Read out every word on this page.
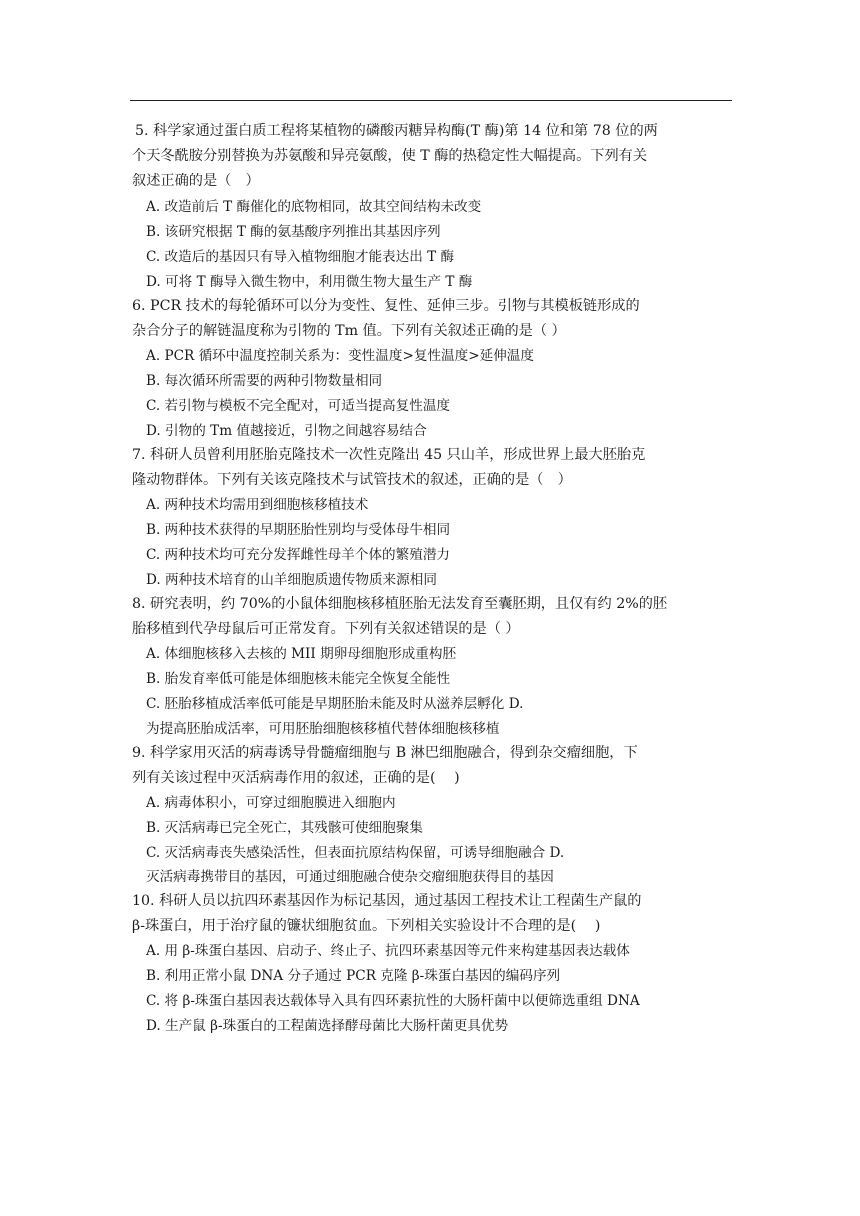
5. 科学家通过蛋白质工程将某植物的磷酸丙糖异构酶(T 酶)第 14 位和第 78 位的两
个天冬酰胺分别替换为苏氨酸和异亮氨酸，使 T 酶的热稳定性大幅提高。下列有关
叙述正确的是（　）
A. 改造前后 T 酶催化的底物相同，故其空间结构未改变
B. 该研究根据 T 酶的氨基酸序列推出其基因序列
C. 改造后的基因只有导入植物细胞才能表达出 T 酶
D. 可将 T 酶导入微生物中，利用微生物大量生产 T 酶
6. PCR 技术的每轮循环可以分为变性、复性、延伸三步。引物与其模板链形成的
杂合分子的解链温度称为引物的 Tm 值。下列有关叙述正确的是（ ）
A. PCR 循环中温度控制关系为：变性温度>复性温度>延伸温度
B. 每次循环所需要的两种引物数量相同
C. 若引物与模板不完全配对，可适当提高复性温度
D. 引物的 Tm 值越接近，引物之间越容易结合
7. 科研人员曾利用胚胎克隆技术一次性克隆出 45 只山羊，形成世界上最大胚胎克
隆动物群体。下列有关该克隆技术与试管技术的叙述，正确的是（　）
A. 两种技术均需用到细胞核移植技术
B. 两种技术获得的早期胚胎性别均与受体母牛相同
C. 两种技术均可充分发挥雌性母羊个体的繁殖潜力
D. 两种技术培育的山羊细胞质遗传物质来源相同
8. 研究表明，约 70%的小鼠体细胞核移植胚胎无法发育至囊胚期，且仅有约 2%的胚
胎移植到代孕母鼠后可正常发育。下列有关叙述错误的是（ ）
A. 体细胞核移入去核的 MII 期卵母细胞形成重构胚
B. 胎发育率低可能是体细胞核未能完全恢复全能性
C. 胚胎移植成活率低可能是早期胚胎未能及时从滋养层孵化 D.
为提高胚胎成活率，可用胚胎细胞核移植代替体细胞核移植
9. 科学家用灭活的病毒诱导骨髓瘤细胞与 B 淋巴细胞融合，得到杂交瘤细胞，下
列有关该过程中灭活病毒作用的叙述，正确的是(　 )
A. 病毒体积小，可穿过细胞膜进入细胞内
B. 灭活病毒已完全死亡，其残骸可使细胞聚集
C. 灭活病毒丧失感染活性，但表面抗原结构保留，可诱导细胞融合 D.
灭活病毒携带目的基因，可通过细胞融合使杂交瘤细胞获得目的基因
10. 科研人员以抗四环素基因作为标记基因，通过基因工程技术让工程菌生产鼠的
β-珠蛋白，用于治疗鼠的镰状细胞贫血。下列相关实验设计不合理的是(　 )
A. 用 β-珠蛋白基因、启动子、终止子、抗四环素基因等元件来构建基因表达载体
B. 利用正常小鼠 DNA 分子通过 PCR 克隆 β-珠蛋白基因的编码序列
C. 将 β-珠蛋白基因表达载体导入具有四环素抗性的大肠杆菌中以便筛选重组 DNA
D. 生产鼠 β-珠蛋白的工程菌选择酵母菌比大肠杆菌更具优势
